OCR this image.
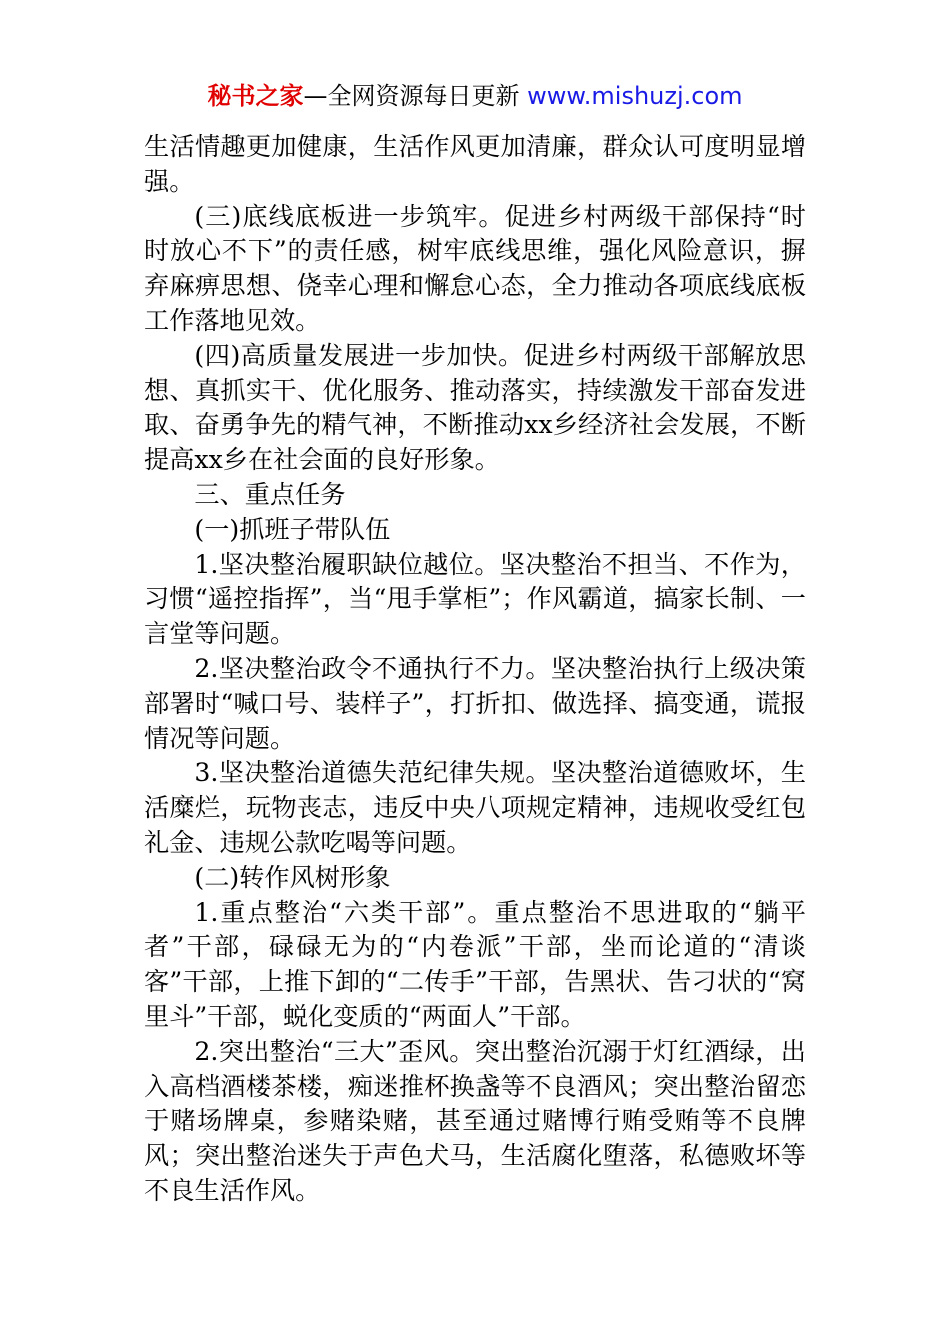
秘书之家—全网资源每日更新 www.mishuzj.com

生活情趣更加健康，生活作风更加清廉，群众认可度明显增强。

(三)底线底板进一步筑牢。促进乡村两级干部保持“时时放心不下”的责任感，树牢底线思维，强化风险意识，摒弃麻痹思想、侥幸心理和懈怠心态，全力推动各项底线底板工作落地见效。

(四)高质量发展进一步加快。促进乡村两级干部解放思想、真抓实干、优化服务、推动落实，持续激发干部奋发进取、奋勇争先的精气神，不断推动xx乡经济社会发展，不断提高xx乡在社会面的良好形象。

三、重点任务

(一)抓班子带队伍

1.坚决整治履职缺位越位。坚决整治不担当、不作为，习惯“遥控指挥”，当“甩手掌柜”；作风霸道，搞家长制、一言堂等问题。

2.坚决整治政令不通执行不力。坚决整治执行上级决策部署时“喊口号、装样子”，打折扣、做选择、搞变通，谎报情况等问题。

3.坚决整治道德失范纪律失规。坚决整治道德败坏，生活糜烂，玩物丧志，违反中央八项规定精神，违规收受红包礼金、违规公款吃喝等问题。

(二)转作风树形象

1.重点整治“六类干部”。重点整治不思进取的“躺平者”干部，碌碌无为的“内卷派”干部，坐而论道的“清谈客”干部，上推下卸的“二传手”干部，告黑状、告刁状的“窝里斗”干部，蜕化变质的“两面人”干部。

2.突出整治“三大”歪风。突出整治沉溺于灯红酒绿，出入高档酒楼茶楼，痴迷推杯换盏等不良酒风；突出整治留恋于赌场牌桌，参赌染赌，甚至通过赌博行贿受贿等不良牌风；突出整治迷失于声色犬马，生活腐化堕落，私德败坏等不良生活作风。
